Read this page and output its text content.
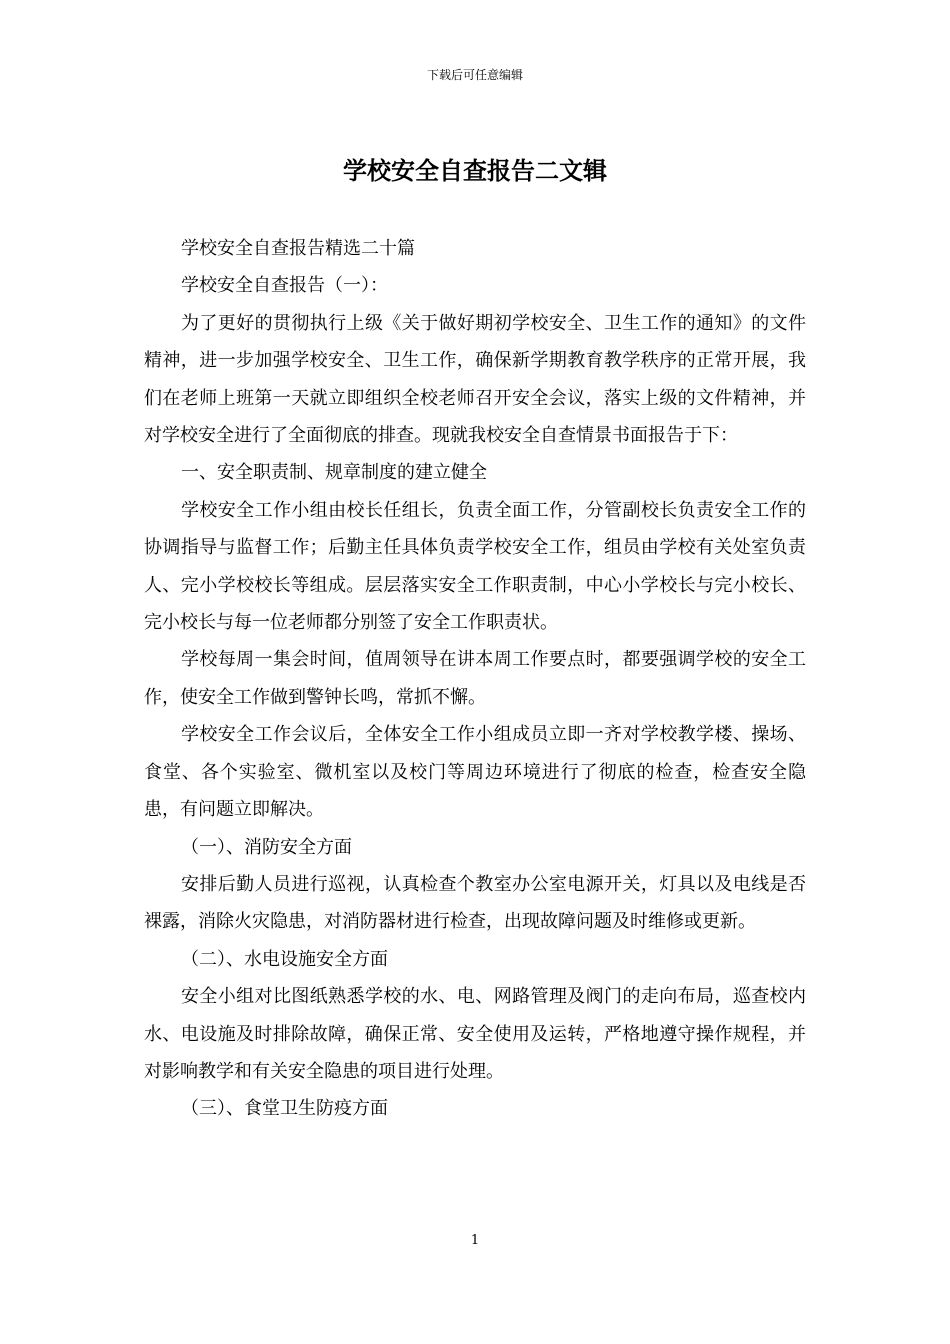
下载后可任意编辑
学校安全自查报告二文辑

学校安全自查报告精选二十篇

学校安全自查报告（一）：

为了更好的贯彻执行上级《关于做好期初学校安全、卫生工作的通知》的文件精神，进一步加强学校安全、卫生工作，确保新学期教育教学秩序的正常开展，我们在老师上班第一天就立即组织全校老师召开安全会议，落实上级的文件精神，并对学校安全进行了全面彻底的排查。现就我校安全自查情景书面报告于下：

一、安全职责制、规章制度的建立健全

学校安全工作小组由校长任组长，负责全面工作，分管副校长负责安全工作的协调指导与监督工作；后勤主任具体负责学校安全工作，组员由学校有关处室负责人、完小学校校长等组成。层层落实安全工作职责制，中心小学校长与完小校长、完小校长与每一位老师都分别签了安全工作职责状。

学校每周一集会时间，值周领导在讲本周工作要点时，都要强调学校的安全工作，使安全工作做到警钟长鸣，常抓不懈。

学校安全工作会议后，全体安全工作小组成员立即一齐对学校教学楼、操场、食堂、各个实验室、微机室以及校门等周边环境进行了彻底的检查，检查安全隐患，有问题立即解决。

（一）、消防安全方面

安排后勤人员进行巡视，认真检查个教室办公室电源开关，灯具以及电线是否裸露，消除火灾隐患，对消防器材进行检查，出现故障问题及时维修或更新。

（二）、水电设施安全方面

安全小组对比图纸熟悉学校的水、电、网路管理及阀门的走向布局，巡查校内水、电设施及时排除故障，确保正常、安全使用及运转，严格地遵守操作规程，并对影响教学和有关安全隐患的项目进行处理。

（三）、食堂卫生防疫方面

1
